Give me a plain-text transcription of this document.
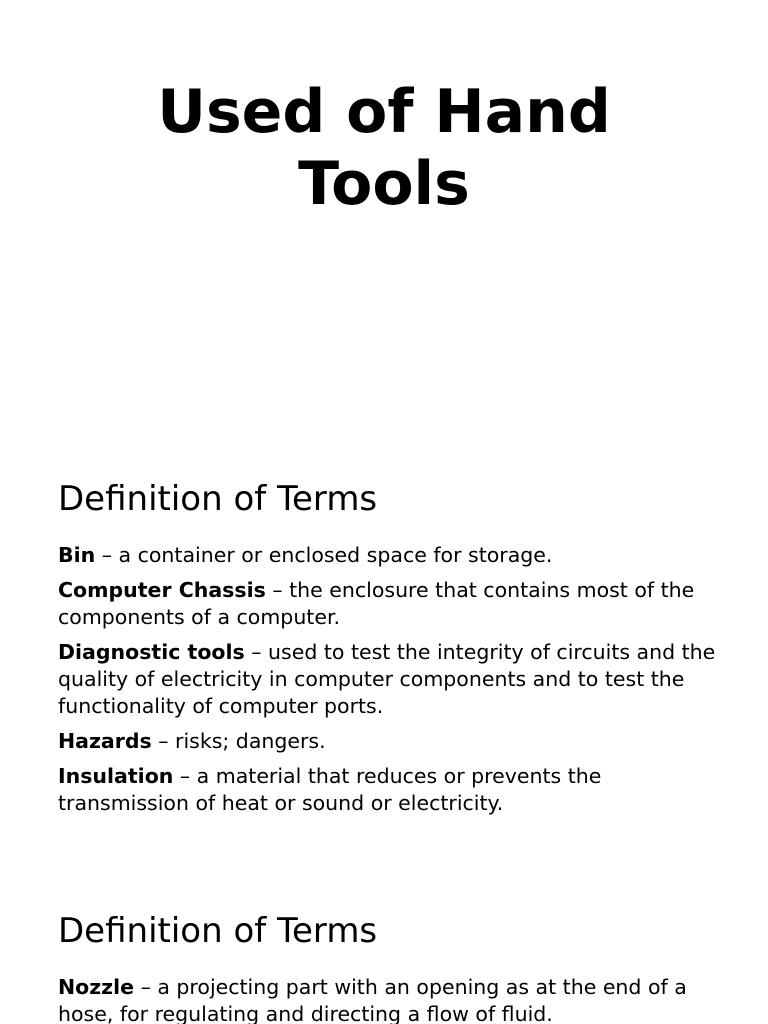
Used of Hand
Tools
Definition of Terms

Bin – a container or enclosed space for storage.

Computer Chassis – the enclosure that contains most of the components of a computer.

Diagnostic tools – used to test the integrity of circuits and the quality of electricity in computer components and to test the functionality of computer ports.

Hazards – risks; dangers.

Insulation – a material that reduces or prevents the transmission of heat or sound or electricity.

Definition of Terms

Nozzle – a projecting part with an opening as at the end of a hose, for regulating and directing a flow of fluid.
